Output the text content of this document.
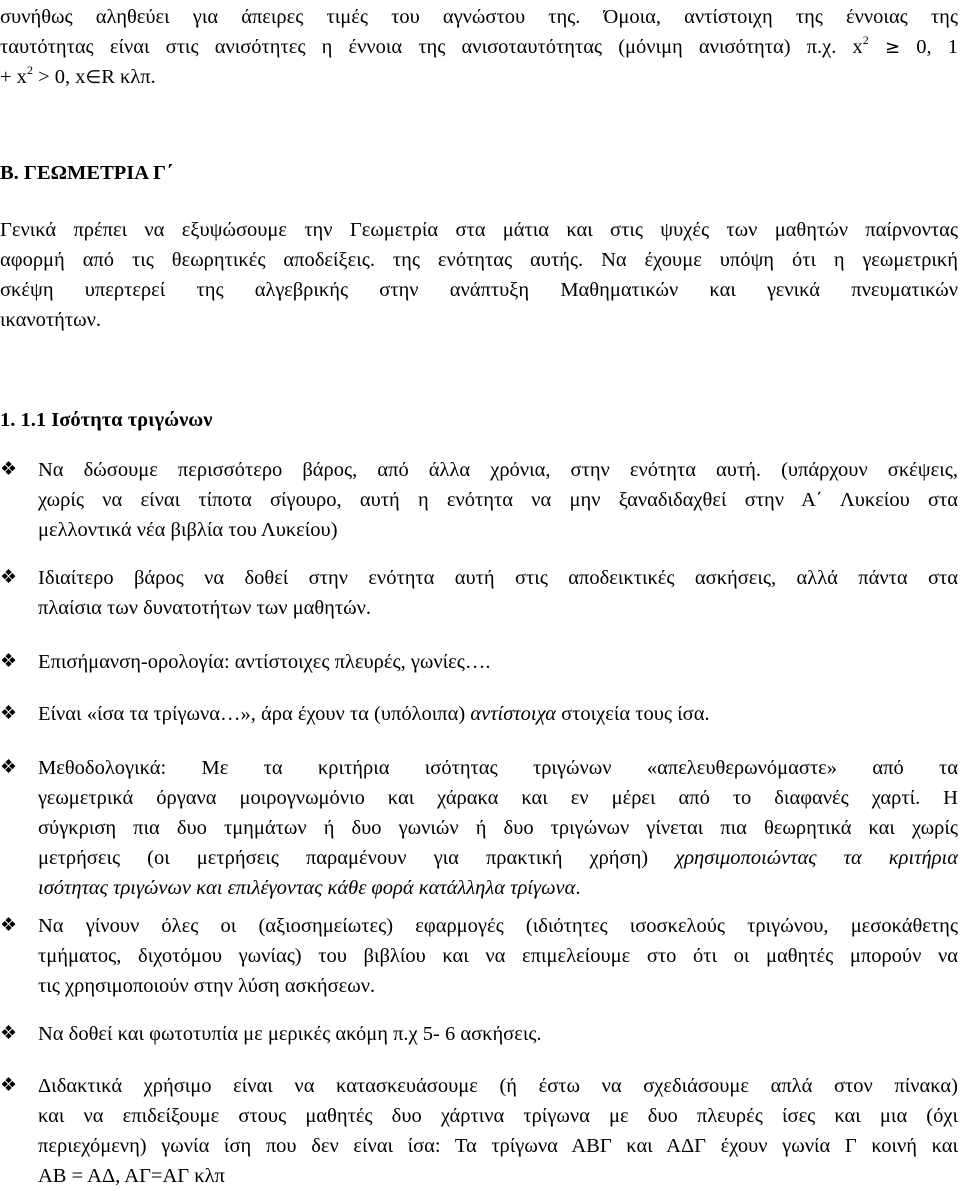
συνήθως αληθεύει για άπειρες τιμές του αγνώστου της. Όμοια, αντίστοιχη της έννοιας της
ταυτότητας είναι στις ανισότητες η έννοια της ανισοταυτότητας (μόνιμη ανισότητα) π.χ. $x^2 \ge 0$, 1
+ $x^2 > 0$, x∈R κλπ.
Β. ΓΕΩΜΕΤΡΙΑ Γ΄
Γενικά πρέπει να εξυψώσουμε την Γεωμετρία στα μάτια και στις ψυχές των μαθητών παίρνοντας
αφορμή από τις θεωρητικές αποδείξεις. της ενότητας αυτής. Να έχουμε υπόψη ότι η γεωμετρική
σκέψη υπερτερεί της αλγεβρικής στην ανάπτυξη Μαθηματικών και γενικά πνευματικών
ικανοτήτων.
1. 1.1 Ισότητα τριγώνων
❖	Να δώσουμε περισσότερο βάρος, από άλλα χρόνια, στην ενότητα αυτή. (υπάρχουν σκέψεις,
χωρίς να είναι τίποτα σίγουρο, αυτή η ενότητα να μην ξαναδιδαχθεί στην Α΄ Λυκείου στα
μελλοντικά νέα βιβλία του Λυκείου)
❖	Ιδιαίτερο βάρος να δοθεί στην ενότητα αυτή στις αποδεικτικές ασκήσεις, αλλά πάντα στα
πλαίσια των δυνατοτήτων των μαθητών.
❖	Επισήμανση-ορολογία: αντίστοιχες πλευρές, γωνίες….
❖	Είναι «ίσα τα τρίγωνα…», άρα έχουν τα (υπόλοιπα) αντίστοιχα στοιχεία τους ίσα.
❖	Μεθοδολογικά: Με τα κριτήρια ισότητας τριγώνων «απελευθερωνόμαστε» από τα
γεωμετρικά όργανα μοιρογνωμόνιο και χάρακα και εν μέρει από το διαφανές χαρτί. Η
σύγκριση πια δυο τμημάτων ή δυο γωνιών ή δυο τριγώνων γίνεται πια θεωρητικά και χωρίς
μετρήσεις (οι μετρήσεις παραμένουν για πρακτική χρήση) χρησιμοποιώντας τα κριτήρια
ισότητας τριγώνων και επιλέγοντας κάθε φορά κατάλληλα τρίγωνα.
❖	Να γίνουν όλες οι (αξιοσημείωτες) εφαρμογές (ιδιότητες ισοσκελούς τριγώνου, μεσοκάθετης
τμήματος, διχοτόμου γωνίας) του βιβλίου και να επιμελείουμε στο ότι οι μαθητές μπορούν να
τις χρησιμοποιούν στην λύση ασκήσεων.
❖	Να δοθεί και φωτοτυπία με μερικές ακόμη π.χ 5- 6 ασκήσεις.
❖	Διδακτικά χρήσιμο είναι να κατασκευάσουμε (ή έστω να σχεδιάσουμε απλά στον πίνακα)
και να επιδείξουμε στους μαθητές δυο χάρτινα τρίγωνα με δυο πλευρές ίσες και μια (όχι
περιεχόμενη) γωνία ίση που δεν είναι ίσα: Τα τρίγωνα ΑΒΓ και ΑΔΓ έχουν γωνία Γ κοινή και
ΑΒ = ΑΔ, ΑΓ=ΑΓ κλπ
